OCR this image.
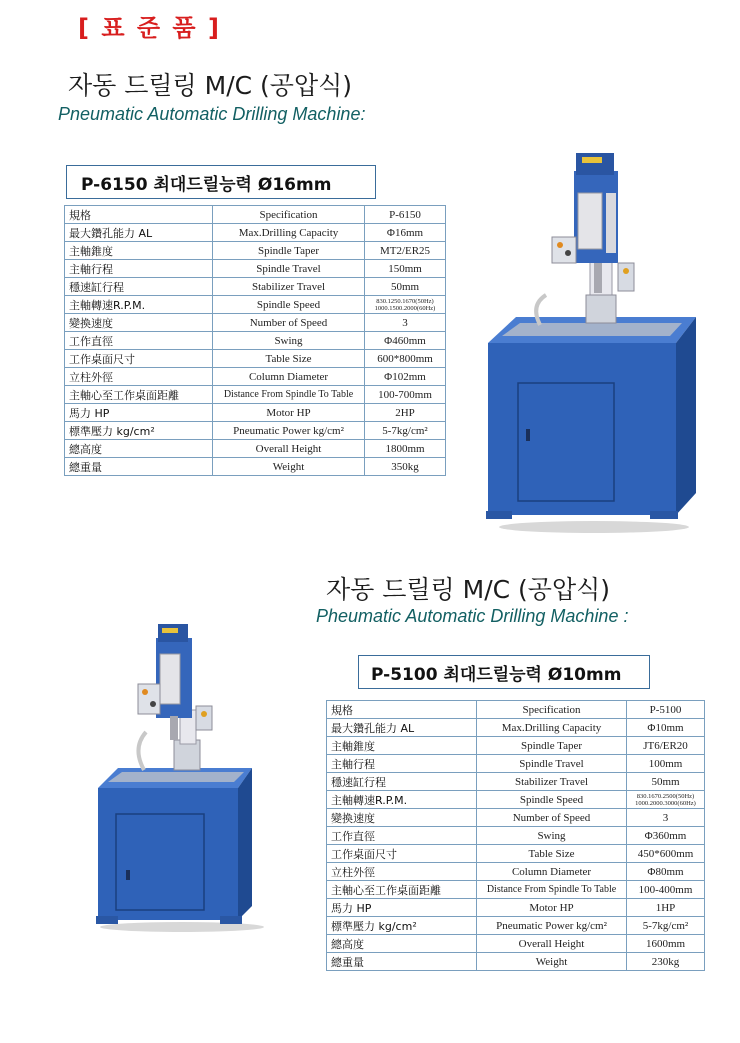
[ 표 준 품 ]
자동 드릴링 M/C (공압식)
Pneumatic Automatic Drilling Machine:
P-6150 최대드릴능력 Ø16mm
規格	Specification	P-6150
最大鑽孔能力 AL	Max.Drilling Capacity	Φ16mm
主軸錐度	Spindle Taper	MT2/ER25
主軸行程	Spindle Travel	150mm
穩速缸行程	Stabilizer Travel	50mm
主軸轉速R.P.M.	Spindle Speed	830.1250.1670(50Hz) 1000.1500.2000(60Hz)
變換速度	Number of Speed	3
工作直徑	Swing	Φ460mm
工作桌面尺寸	Table Size	600*800mm
立柱外徑	Column Diameter	Φ102mm
主軸心至工作桌面距離	Distance From Spindle To Table	100-700mm
馬力 HP	Motor HP	2HP
標準壓力 kg/cm²	Pneumatic Power kg/cm²	5-7kg/cm²
總高度	Overall Height	1800mm
總重量	Weight	350kg
자동 드릴링 M/C (공압식)
Pheumatic Automatic Drilling Machine :
P-5100 최대드릴능력 Ø10mm
規格	Specification	P-5100
最大鑽孔能力 AL	Max.Drilling Capacity	Φ10mm
主軸錐度	Spindle Taper	JT6/ER20
主軸行程	Spindle Travel	100mm
穩速缸行程	Stabilizer Travel	50mm
主軸轉速R.P.M.	Spindle Speed	830.1670.2500(50Hz) 1000.2000.3000(60Hz)
變換速度	Number of Speed	3
工作直徑	Swing	Φ360mm
工作桌面尺寸	Table Size	450*600mm
立柱外徑	Column Diameter	Φ80mm
主軸心至工作桌面距離	Distance From Spindle To Table	100-400mm
馬力 HP	Motor HP	1HP
標準壓力 kg/cm²	Pneumatic Power kg/cm²	5-7kg/cm²
總高度	Overall Height	1600mm
總重量	Weight	230kg
